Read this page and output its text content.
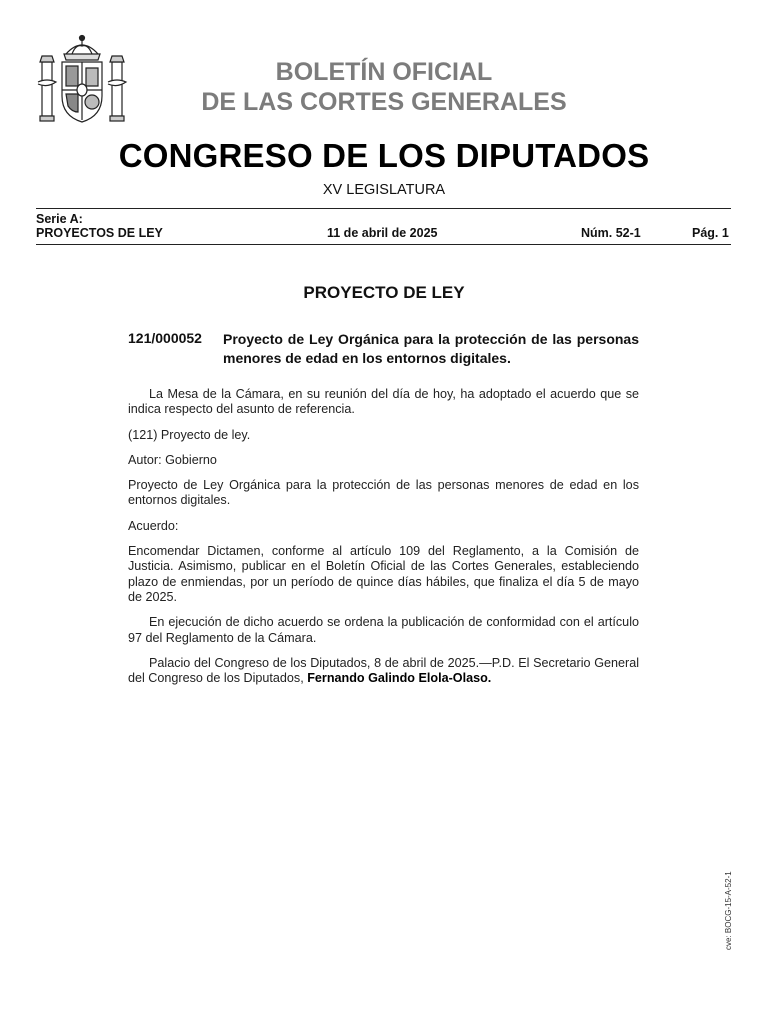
BOLETÍN OFICIAL
DE LAS CORTES GENERALES
CONGRESO DE LOS DIPUTADOS
XV LEGISLATURA
Serie A:
PROYECTOS DE LEY	11 de abril de 2025	Núm. 52-1	Pág. 1
PROYECTO DE LEY
121/000052 Proyecto de Ley Orgánica para la protección de las personas menores de edad en los entornos digitales.

La Mesa de la Cámara, en su reunión del día de hoy, ha adoptado el acuerdo que se indica respecto del asunto de referencia.

(121) Proyecto de ley.

Autor: Gobierno

Proyecto de Ley Orgánica para la protección de las personas menores de edad en los entornos digitales.

Acuerdo:

Encomendar Dictamen, conforme al artículo 109 del Reglamento, a la Comisión de Justicia. Asimismo, publicar en el Boletín Oficial de las Cortes Generales, estableciendo plazo de enmiendas, por un período de quince días hábiles, que finaliza el día 5 de mayo de 2025.

En ejecución de dicho acuerdo se ordena la publicación de conformidad con el artículo 97 del Reglamento de la Cámara.

Palacio del Congreso de los Diputados, 8 de abril de 2025.—P.D. El Secretario General del Congreso de los Diputados, Fernando Galindo Elola-Olaso.

cve: BOCG-15-A-52-1
